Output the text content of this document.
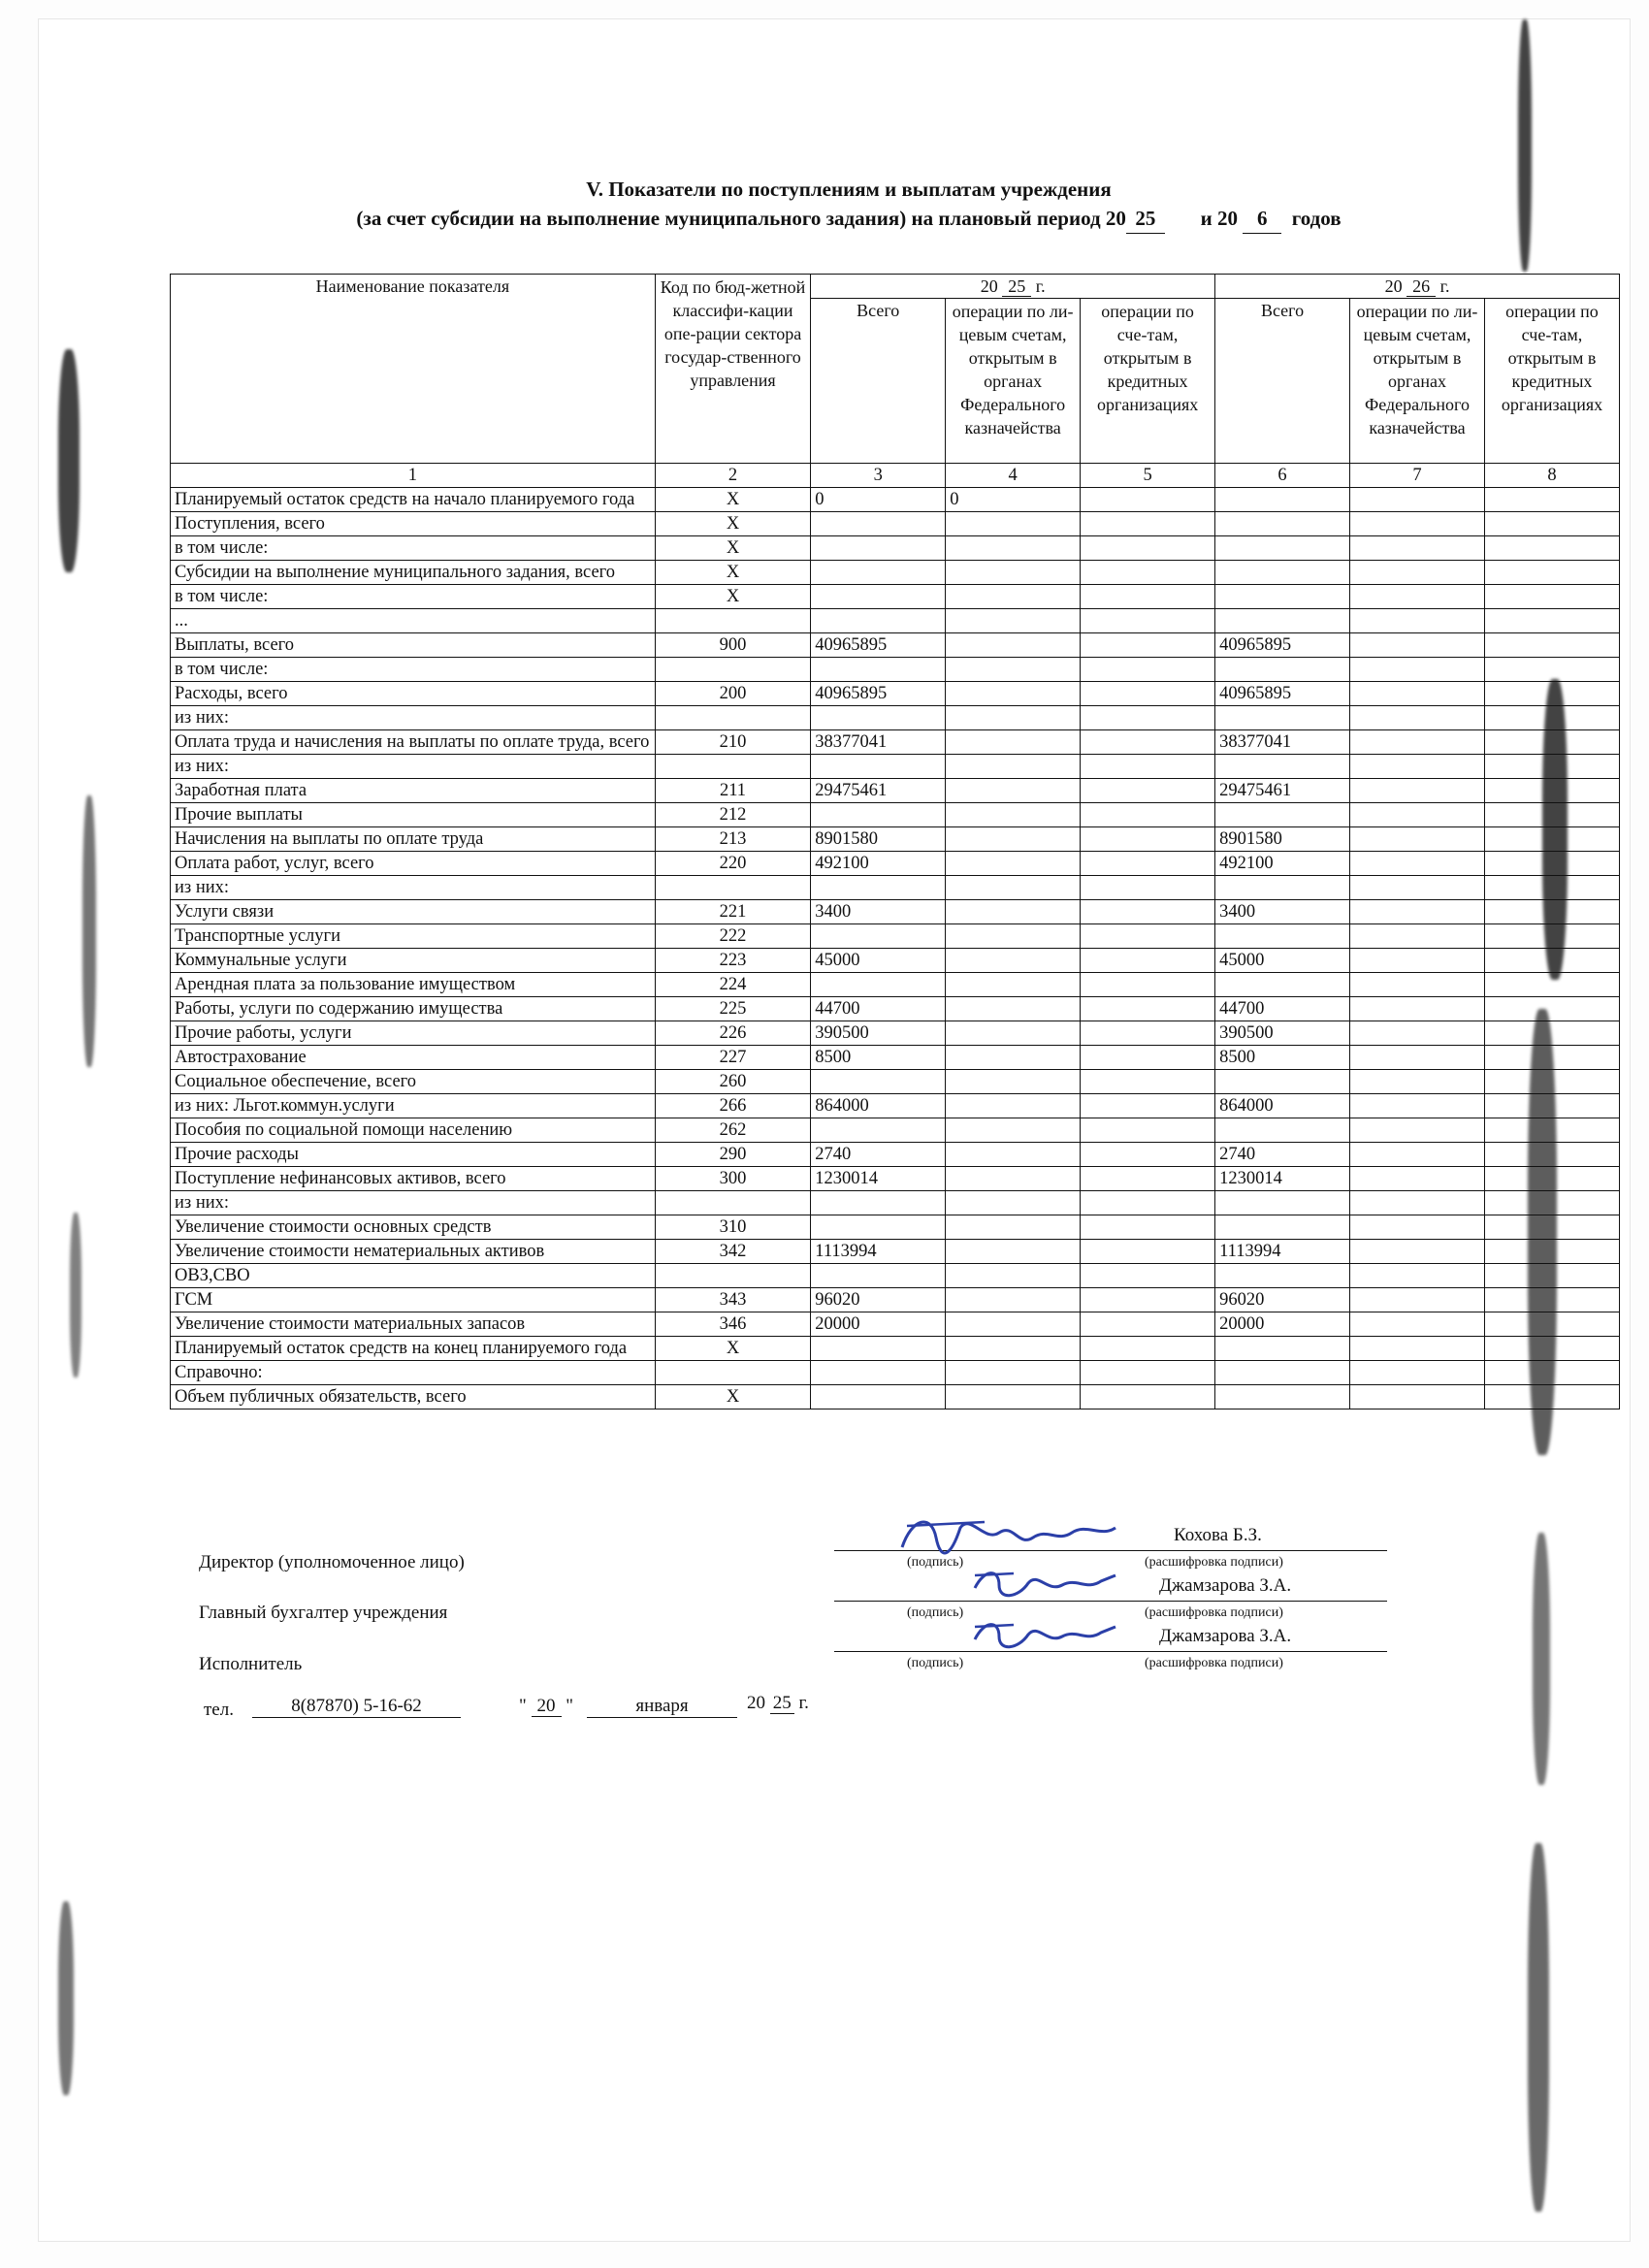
V. Показатели по поступлениям и выплатам учреждения
(за счет субсидии на выполнение муниципального задания) на плановый период 20 25 и 20 6 годов
Наименование показателя	Код по бюд-жетной классифи-кации опе-рации сектора государ-ственного управления	20 25 г.			20 26 г.		
		Всего	операции по ли-цевым счетам, открытым в органах Федерального казначейства	операции по сче-там, открытым в кредитных организациях	Всего	операции по ли-цевым счетам, открытым в органах Федерального казначейства	операции по сче-там, открытым в кредитных организациях
1	2	3	4	5	6	7	8
Планируемый остаток средств на начало планируемого года	X	0	0				
Поступления, всего	X						
в том числе:	X						
Субсидии на выполнение муниципального задания, всего	X						
в том числе:	X						
...							
Выплаты, всего	900	40965895			40965895		
в том числе:							
Расходы, всего	200	40965895			40965895		
из них:							
Оплата труда и начисления на выплаты по оплате труда, всего	210	38377041			38377041		
из них:							
Заработная плата	211	29475461			29475461		
Прочие выплаты	212						
Начисления на выплаты по оплате труда	213	8901580			8901580		
Оплата работ, услуг, всего	220	492100			492100		
из них:							
Услуги связи	221	3400			3400		
Транспортные услуги	222						
Коммунальные услуги	223	45000			45000		
Арендная плата за пользование имуществом	224						
Работы, услуги по содержанию имущества	225	44700			44700		
Прочие работы, услуги	226	390500			390500		
Автострахование	227	8500			8500		
Социальное обеспечение, всего	260						
из них: Льгот.коммун.услуги	266	864000			864000		
Пособия по социальной помощи населению	262						
Прочие расходы	290	2740			2740		
Поступление нефинансовых активов, всего	300	1230014			1230014		
из них:							
Увеличение стоимости основных средств	310						
Увеличение стоимости нематериальных активов	342	1113994			1113994		
ОВЗ,СВО							
ГСМ	343	96020			96020		
Увеличение стоимости материальных запасов	346	20000			20000		
Планируемый остаток средств на конец планируемого года	X						
Справочно:							
Объем публичных обязательств, всего	X						
Директор (уполномоченное лицо)
Кохова Б.З.
(подпись)	(расшифровка подписи)
Главный бухгалтер учреждения
Джамзарова З.А.
(подпись)	(расшифровка подписи)
Исполнитель
Джамзарова З.А.
(подпись)	(расшифровка подписи)
тел.	8(87870) 5-16-62	" 20 "	января	20 25 г.
